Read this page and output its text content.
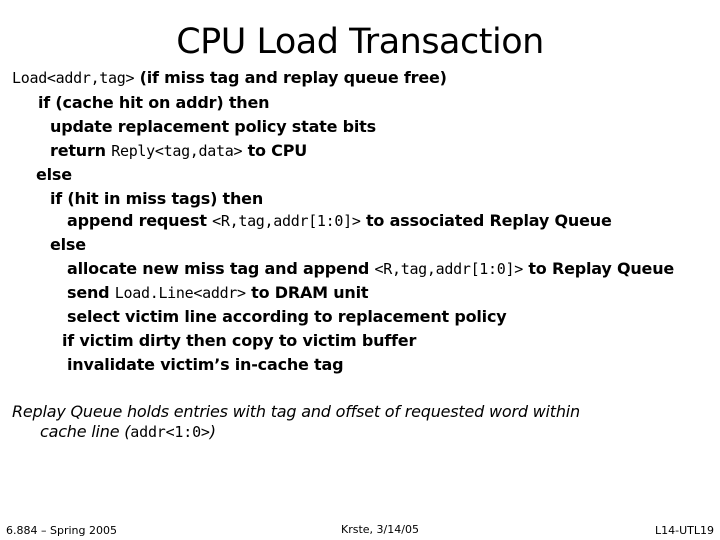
CPU Load Transaction
Load<addr,tag> (if miss tag and replay queue free)
if (cache hit on addr) then
update replacement policy state bits
return Reply<tag,data> to CPU
else
if (hit in miss tags) then
append request <R,tag,addr[1:0]> to associated Replay Queue
else
allocate new miss tag and append <R,tag,addr[1:0]> to Replay Queue
send Load.Line<addr> to DRAM unit
select victim line according to replacement policy
if victim dirty then copy to victim buffer
invalidate victim’s in-cache tag
Replay Queue holds entries with tag and offset of requested word within
cache line (addr<1:0>)
6.884 – Spring 2005	Krste, 3/14/05	L14-UTL19
